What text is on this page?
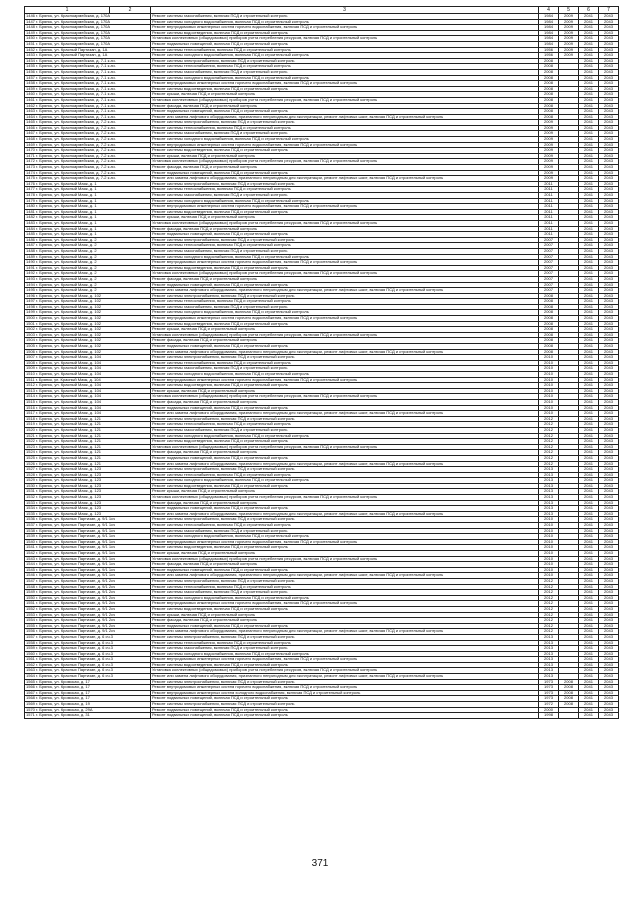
1	2	3	4	5	6	7
1446 г. Брянск, ул. Красноармейская, д. 170А		Ремонт системы газоснабжения, включая ПСД и строительный контроль	1984	2009	2041	2043
1447 г. Брянск, ул. Красноармейская, д. 170А		Ремонт системы холодного водоснабжения, включая ПСД и строительный контроль	1984	2009	2041	2043
1448 г. Брянск, ул. Красноармейская, д. 170А		Ремонт внутридомовых инженерных систем горячего водоснабжения, включая ПСД и строительный контроль	1984	2009	2041	2043
1449 г. Брянск, ул. Красноармейская, д. 170А		Ремонт системы водоотведения, включая ПСД и строительный контроль	1984	2009	2041	2043
1450 г. Брянск, ул. Красноармейская, д. 170А		Установка коллективных (общедомовых) приборов учета потребления ресурсов, включая ПСД и строительный контроль	1984	2009	2041	2043
1451 г. Брянск, ул. Красноармейская, д. 170А		Ремонт подвальных помещений, включая ПСД и строительный контроль	1984	2009	2041	2043
1452 г. Брянск, ул. Красный Партизан, д. 1А		Ремонт системы теплоснабжения, включая ПСД и строительный контроль	1956	2009	2041	2043
1453 г. Брянск, ул. Красный Партизан, д. 1А		Ремонт системы холодного водоснабжения, включая ПСД и строительный контроль	1956	2009	2041	2043
1454 г. Брянск, ул. Красноармейская, д. 7-1 к.ач.		Ремонт системы электроснабжения, включая ПСД и строительный контроль	2008		2041	2043
1455 г. Брянск, ул. Красноармейская, д. 7-1 к.ач.		Ремонт системы теплоснабжения, включая ПСД и строительный контроль	2008		2041	2043
1456 г. Брянск, ул. Красноармейская, д. 7-1 к.ач.		Ремонт системы газоснабжения, включая ПСД и строительный контроль	2008		2041	2043
1457 г. Брянск, ул. Красноармейская, д. 7-1 к.ач.		Ремонт системы холодного водоснабжения, включая ПСД и строительный контроль	2008		2041	2043
1458 г. Брянск, ул. Красноармейская, д. 7-1 к.ач.		Ремонт внутридомовых инженерных систем горячего водоснабжения, включая ПСД и строительный контроль	2008		2041	2043
1459 г. Брянск, ул. Красноармейская, д. 7-1 к.ач.		Ремонт системы водоотведения, включая ПСД и строительный контроль	2008		2041	2043
1460 г. Брянск, ул. Красноармейская, д. 7-1 к.ач.		Ремонт крыши, включая ПСД и строительный контроль	2008		2041	2043
1461 г. Брянск, ул. Красноармейская, д. 7-1 к.ач.		Установка коллективных (общедомовых) приборов учета потребления ресурсов, включая ПСД и строительный контроль	2008		2041	2043
1462 г. Брянск, ул. Красноармейская, д. 7-1 к.ач.		Ремонт фасада, включая ПСД и строительный контроль	2008		2041	2043
1463 г. Брянск, ул. Красноармейская, д. 7-1 к.ач.		Ремонт подвальных помещений, включая ПСД и строительный контроль	2008		2041	2043
1464 г. Брянск, ул. Красноармейская, д. 7-1 к.ач.		Ремонт или замена лифтового оборудования, признанного непригодным для эксплуатации, ремонт лифтовых шахт, включая ПСД и строительный контроль	2008		2041	2043
1465 г. Брянск, ул. Красноармейская, д. 7-2 к.ач.		Ремонт системы электроснабжения, включая ПСД и строительный контроль	2009		2041	2043
1466 г. Брянск, ул. Красноармейская, д. 7-2 к.ач.		Ремонт системы теплоснабжения, включая ПСД и строительный контроль	2009		2041	2043
1467 г. Брянск, ул. Красноармейская, д. 7-2 к.ач.		Ремонт системы газоснабжения, включая ПСД и строительный контроль	2009		2041	2043
1468 г. Брянск, ул. Красноармейская, д. 7-2 к.ач.		Ремонт системы холодного водоснабжения, включая ПСД и строительный контроль	2009		2041	2043
1469 г. Брянск, ул. Красноармейская, д. 7-2 к.ач.		Ремонт внутридомовых инженерных систем горячего водоснабжения, включая ПСД и строительный контроль	2009		2041	2043
1470 г. Брянск, ул. Красноармейская, д. 7-2 к.ач.		Ремонт системы водоотведения, включая ПСД и строительный контроль	2009		2041	2043
1471 г. Брянск, ул. Красноармейская, д. 7-2 к.ач.		Ремонт крыши, включая ПСД и строительный контроль	2009		2041	2043
1472 г. Брянск, ул. Красноармейская, д. 7-2 к.ач.		Установка коллективных (общедомовых) приборов учета потребления ресурсов, включая ПСД и строительный контроль	2009		2041	2043
1473 г. Брянск, ул. Красноармейская, д. 7-2 к.ач.		Ремонт фасада, включая ПСД и строительный контроль	2009		2041	2043
1474 г. Брянск, ул. Красноармейская, д. 7-2 к.ач.		Ремонт подвальных помещений, включая ПСД и строительный контроль	2009		2041	2043
1475 г. Брянск, ул. Красноармейская, д. 7-2 к.ач.		Ремонт или замена лифтового оборудования, признанного непригодным для эксплуатации, ремонт лифтовых шахт, включая ПСД и строительный контроль	2009		2041	2043
1476 г. Брянск, ул. Красный Маяк, д. 1		Ремонт системы электроснабжения, включая ПСД и строительный контроль	2011		2041	2043
1477 г. Брянск, ул. Красный Маяк, д. 1		Ремонт системы теплоснабжения, включая ПСД и строительный контроль	2011		2041	2043
1478 г. Брянск, ул. Красный Маяк, д. 1		Ремонт системы газоснабжения, включая ПСД и строительный контроль	2011		2041	2043
1479 г. Брянск, ул. Красный Маяк, д. 1		Ремонт системы холодного водоснабжения, включая ПСД и строительный контроль	2011		2041	2043
1480 г. Брянск, ул. Красный Маяк, д. 1		Ремонт внутридомовых инженерных систем горячего водоснабжения, включая ПСД и строительный контроль	2011		2041	2043
1481 г. Брянск, ул. Красный Маяк, д. 1		Ремонт системы водоотведения, включая ПСД и строительный контроль	2011		2041	2043
1482 г. Брянск, ул. Красный Маяк, д. 1		Ремонт крыши, включая ПСД и строительный контроль	2011		2041	2043
1483 г. Брянск, ул. Красный Маяк, д. 1		Установка коллективных (общедомовых) приборов учета потребления ресурсов, включая ПСД и строительный контроль	2011		2041	2043
1484 г. Брянск, ул. Красный Маяк, д. 1		Ремонт фасада, включая ПСД и строительный контроль	2011		2041	2043
1485 г. Брянск, ул. Красный Маяк, д. 1		Ремонт подвальных помещений, включая ПСД и строительный контроль	2011		2041	2043
1486 г. Брянск, ул. Красный Маяк, д. 2		Ремонт системы электроснабжения, включая ПСД и строительный контроль	2007		2041	2043
1487 г. Брянск, ул. Красный Маяк, д. 2		Ремонт системы теплоснабжения, включая ПСД и строительный контроль	2007		2041	2043
1488 г. Брянск, ул. Красный Маяк, д. 2		Ремонт системы газоснабжения, включая ПСД и строительный контроль	2007		2041	2043
1489 г. Брянск, ул. Красный Маяк, д. 2		Ремонт системы холодного водоснабжения, включая ПСД и строительный контроль	2007		2041	2043
1490 г. Брянск, ул. Красный Маяк, д. 2		Ремонт внутридомовых инженерных систем горячего водоснабжения, включая ПСД и строительный контроль	2007		2041	2043
1491 г. Брянск, ул. Красный Маяк, д. 2		Ремонт системы водоотведения, включая ПСД и строительный контроль	2007		2041	2043
1492 г. Брянск, ул. Красный Маяк, д. 2		Установка коллективных (общедомовых) приборов учета потребления ресурсов, включая ПСД и строительный контроль	2007		2041	2043
1493 г. Брянск, ул. Красный Маяк, д. 2		Ремонт фасада, включая ПСД и строительный контроль	2007		2041	2043
1494 г. Брянск, ул. Красный Маяк, д. 2		Ремонт подвальных помещений, включая ПСД и строительный контроль	2007		2041	2043
1495 г. Брянск, ул. Красный Маяк, д. 2		Ремонт или замена лифтового оборудования, признанного непригодным для эксплуатации, ремонт лифтовых шахт, включая ПСД и строительный контроль	2007		2041	2043
1496 г. Брянск, ул. Красный Маяк, д. 102		Ремонт системы электроснабжения, включая ПСД и строительный контроль	2008		2041	2043
1497 г. Брянск, ул. Красный Маяк, д. 102		Ремонт системы теплоснабжения, включая ПСД и строительный контроль	2008		2041	2043
1498 г. Брянск, ул. Красный Маяк, д. 102		Ремонт системы газоснабжения, включая ПСД и строительный контроль	2008		2041	2043
1499 г. Брянск, ул. Красный Маяк, д. 102		Ремонт системы холодного водоснабжения, включая ПСД и строительный контроль	2008		2041	2043
1500 г. Брянск, ул. Красный Маяк, д. 102		Ремонт внутридомовых инженерных систем горячего водоснабжения, включая ПСД и строительный контроль	2008		2041	2043
1501 г. Брянск, ул. Красный Маяк, д. 102		Ремонт системы водоотведения, включая ПСД и строительный контроль	2008		2041	2043
1502 г. Брянск, ул. Красный Маяк, д. 102		Ремонт крыши, включая ПСД и строительный контроль	2008		2041	2043
1503 г. Брянск, ул. Красный Маяк, д. 102		Установка коллективных (общедомовых) приборов учета потребления ресурсов, включая ПСД и строительный контроль	2008		2041	2043
1504 г. Брянск, ул. Красный Маяк, д. 102		Ремонт фасада, включая ПСД и строительный контроль	2008		2041	2043
1505 г. Брянск, ул. Красный Маяк, д. 102		Ремонт подвальных помещений, включая ПСД и строительный контроль	2008		2041	2043
1506 г. Брянск, ул. Красный Маяк, д. 102		Ремонт или замена лифтового оборудования, признанного непригодным для эксплуатации, ремонт лифтовых шахт, включая ПСД и строительный контроль	2008		2041	2043
1507 г. Брянск, ул. Красный Маяк, д. 104		Ремонт системы электроснабжения, включая ПСД и строительный контроль	2010		2041	2043
1508 г. Брянск, ул. Красный Маяк, д. 104		Ремонт системы теплоснабжения, включая ПСД и строительный контроль	2010		2041	2043
1509 г. Брянск, ул. Красный Маяк, д. 104		Ремонт системы газоснабжения, включая ПСД и строительный контроль	2010		2041	2043
1510 г. Брянск, ул. Красный Маяк, д. 104		Ремонт системы холодного водоснабжения, включая ПСД и строительный контроль	2010		2041	2043
1511 г. Брянск, ул. Красный Маяк, д. 104		Ремонт внутридомовых инженерных систем горячего водоснабжения, включая ПСД и строительный контроль	2010		2041	2043
1512 г. Брянск, ул. Красный Маяк, д. 104		Ремонт системы водоотведения, включая ПСД и строительный контроль	2010		2041	2043
1513 г. Брянск, ул. Красный Маяк, д. 104		Ремонт крыши, включая ПСД и строительный контроль	2010		2041	2043
1514 г. Брянск, ул. Красный Маяк, д. 104		Установка коллективных (общедомовых) приборов учета потребления ресурсов, включая ПСД и строительный контроль	2010		2041	2043
1515 г. Брянск, ул. Красный Маяк, д. 104		Ремонт фасада, включая ПСД и строительный контроль	2010		2041	2043
1516 г. Брянск, ул. Красный Маяк, д. 104		Ремонт подвальных помещений, включая ПСД и строительный контроль	2010		2041	2043
1517 г. Брянск, ул. Красный Маяк, д. 104		Ремонт или замена лифтового оборудования, признанного непригодным для эксплуатации, ремонт лифтовых шахт, включая ПСД и строительный контроль	2010		2041	2043
1518 г. Брянск, ул. Красный Маяк, д. 121		Ремонт системы электроснабжения, включая ПСД и строительный контроль	2012		2041	2043
1519 г. Брянск, ул. Красный Маяк, д. 121		Ремонт системы теплоснабжения, включая ПСД и строительный контроль	2012		2041	2043
1520 г. Брянск, ул. Красный Маяк, д. 121		Ремонт системы газоснабжения, включая ПСД и строительный контроль	2012		2041	2043
1521 г. Брянск, ул. Красный Маяк, д. 121		Ремонт системы холодного водоснабжения, включая ПСД и строительный контроль	2012		2041	2043
1522 г. Брянск, ул. Красный Маяк, д. 121		Ремонт системы водоотведения, включая ПСД и строительный контроль	2012		2041	2043
1523 г. Брянск, ул. Красный Маяк, д. 121		Установка коллективных (общедомовых) приборов учета потребления ресурсов, включая ПСД и строительный контроль	2012		2041	2043
1524 г. Брянск, ул. Красный Маяк, д. 121		Ремонт фасада, включая ПСД и строительный контроль	2012		2041	2043
1525 г. Брянск, ул. Красный Маяк, д. 121		Ремонт подвальных помещений, включая ПСД и строительный контроль	2012		2041	2043
1526 г. Брянск, ул. Красный Маяк, д. 121		Ремонт или замена лифтового оборудования, признанного непригодным для эксплуатации, ремонт лифтовых шахт, включая ПСД и строительный контроль	2012		2041	2043
1527 г. Брянск, ул. Красный Маяк, д. 123		Ремонт системы электроснабжения, включая ПСД и строительный контроль	2013		2041	2043
1528 г. Брянск, ул. Красный Маяк, д. 123		Ремонт системы теплоснабжения, включая ПСД и строительный контроль	2013		2041	2043
1529 г. Брянск, ул. Красный Маяк, д. 123		Ремонт системы холодного водоснабжения, включая ПСД и строительный контроль	2013		2041	2043
1530 г. Брянск, ул. Красный Маяк, д. 123		Ремонт системы водоотведения, включая ПСД и строительный контроль	2013		2041	2043
1531 г. Брянск, ул. Красный Маяк, д. 123		Ремонт крыши, включая ПСД и строительный контроль	2013		2041	2043
1532 г. Брянск, ул. Красный Маяк, д. 123		Установка коллективных (общедомовых) приборов учета потребления ресурсов, включая ПСД и строительный контроль	2013		2041	2043
1533 г. Брянск, ул. Красный Маяк, д. 123		Ремонт фасада, включая ПСД и строительный контроль	2013		2041	2043
1534 г. Брянск, ул. Красный Маяк, д. 123		Ремонт подвальных помещений, включая ПСД и строительный контроль	2013		2041	2043
1535 г. Брянск, ул. Красный Маяк, д. 123		Ремонт или замена лифтового оборудования, признанного непригодным для эксплуатации, ремонт лифтовых шахт, включая ПСД и строительный контроль	2013		2041	2043
1536 г. Брянск, ул. Красных Партизан, д. 9/1 1сч		Ремонт системы электроснабжения, включая ПСД и строительный контроль	2010		2041	2043
1537 г. Брянск, ул. Красных Партизан, д. 9/1 1сч		Ремонт системы теплоснабжения, включая ПСД и строительный контроль	2010		2041	2043
1538 г. Брянск, ул. Красных Партизан, д. 9/1 1сч		Ремонт системы газоснабжения, включая ПСД и строительный контроль	2010		2041	2043
1539 г. Брянск, ул. Красных Партизан, д. 9/1 1сч		Ремонт системы холодного водоснабжения, включая ПСД и строительный контроль	2010		2041	2043
1540 г. Брянск, ул. Красных Партизан, д. 9/1 1сч		Ремонт внутридомовых инженерных систем горячего водоснабжения, включая ПСД и строительный контроль	2010		2041	2043
1541 г. Брянск, ул. Красных Партизан, д. 9/1 1сч		Ремонт системы водоотведения, включая ПСД и строительный контроль	2010		2041	2043
1542 г. Брянск, ул. Красных Партизан, д. 9/1 1сч		Ремонт крыши, включая ПСД и строительный контроль	2010		2041	2043
1543 г. Брянск, ул. Красных Партизан, д. 9/1 1сч		Установка коллективных (общедомовых) приборов учета потребления ресурсов, включая ПСД и строительный контроль	2010		2041	2043
1544 г. Брянск, ул. Красных Партизан, д. 9/1 1сч		Ремонт фасада, включая ПСД и строительный контроль	2010		2041	2043
1545 г. Брянск, ул. Красных Партизан, д. 9/1 1сч		Ремонт подвальных помещений, включая ПСД и строительный контроль	2010		2041	2043
1546 г. Брянск, ул. Красных Партизан, д. 9/1 1сч		Ремонт или замена лифтового оборудования, признанного непригодным для эксплуатации, ремонт лифтовых шахт, включая ПСД и строительный контроль	2010		2041	2043
1547 г. Брянск, ул. Красных Партизан, д. 9/1 2сч		Ремонт системы электроснабжения, включая ПСД и строительный контроль	2012		2041	2043
1548 г. Брянск, ул. Красных Партизан, д. 9/1 2сч		Ремонт системы теплоснабжения, включая ПСД и строительный контроль	2012		2041	2043
1549 г. Брянск, ул. Красных Партизан, д. 9/1 2сч		Ремонт системы газоснабжения, включая ПСД и строительный контроль	2012		2041	2043
1550 г. Брянск, ул. Красных Партизан, д. 9/1 2сч		Ремонт системы холодного водоснабжения, включая ПСД и строительный контроль	2012		2041	2043
1551 г. Брянск, ул. Красных Партизан, д. 9/1 2сч		Ремонт внутридомовых инженерных систем горячего водоснабжения, включая ПСД и строительный контроль	2012		2041	2043
1552 г. Брянск, ул. Красных Партизан, д. 9/1 2сч		Ремонт системы водоотведения, включая ПСД и строительный контроль	2012		2041	2043
1553 г. Брянск, ул. Красных Партизан, д. 9/1 2сч		Ремонт крыши, включая ПСД и строительный контроль	2012		2041	2043
1554 г. Брянск, ул. Красных Партизан, д. 9/1 2сч		Ремонт фасада, включая ПСД и строительный контроль	2012		2041	2043
1555 г. Брянск, ул. Красных Партизан, д. 9/1 2сч		Ремонт подвальных помещений, включая ПСД и строительный контроль	2012		2041	2043
1556 г. Брянск, ул. Красных Партизан, д. 9/1 2сч		Ремонт или замена лифтового оборудования, признанного непригодным для эксплуатации, ремонт лифтовых шахт, включая ПСД и строительный контроль	2012		2041	2043
1557 г. Брянск, ул. Красных Партизан, д. 6 сч.3		Ремонт системы электроснабжения, включая ПСД и строительный контроль	2013		2041	2043
1558 г. Брянск, ул. Красных Партизан, д. 6 сч.3		Ремонт системы теплоснабжения, включая ПСД и строительный контроль	2013		2041	2043
1559 г. Брянск, ул. Красных Партизан, д. 6 сч.3		Ремонт системы газоснабжения, включая ПСД и строительный контроль	2013		2041	2043
1560 г. Брянск, ул. Красных Партизан, д. 6 сч.3		Ремонт системы холодного водоснабжения, включая ПСД и строительный контроль	2013		2041	2043
1561 г. Брянск, ул. Красных Партизан, д. 6 сч.3		Ремонт внутридомовых инженерных систем горячего водоснабжения, включая ПСД и строительный контроль	2013		2041	2043
1562 г. Брянск, ул. Красных Партизан, д. 6 сч.3		Ремонт системы водоотведения, включая ПСД и строительный контроль	2013		2041	2043
1563 г. Брянск, ул. Красных Партизан, д. 6 сч.3		Установка коллективных (общедомовых) приборов учета потребления ресурсов, включая ПСД и строительный контроль	2013		2041	2043
1564 г. Брянск, ул. Красных Партизан, д. 6 сч.3		Ремонт или замена лифтового оборудования, признанного непригодным для эксплуатации, ремонт лифтовых шахт, включая ПСД и строительный контроль	2013		2041	2043
1565 г. Брянск, ул. Кромская, д. 17		Ремонт системы электроснабжения, включая ПСД и строительный контроль	1973	2008	2041	2043
1566 г. Брянск, ул. Кромская, д. 17		Ремонт внутридомовых инженерных систем горячего водоснабжения, включая ПСД и строительный контроль	1973	2008	2041	2043
1567 г. Брянск, ул. Кромская, д. 17		Ремонт внутридомовых инженерных систем холодного водоснабжения, включая ПСД и строительный контроль	1973	2008	2041	2043
1568 г. Брянск, ул. Кромская, д. 17		Ремонт подвальных помещений, включая ПСД и строительный контроль	1973	2008	2041	2043
1569 г. Брянск, ул. Кромская, д. 19		Ремонт системы электроснабжения, включая ПСД и строительный контроль	1972	2008	2041	2043
1570 г. Брянск, ул. Кромская, д. 29А		Ремонт подвальных помещений, включая ПСД и строительный контроль	2000		2041	2043
1571 г. Брянск, ул. Кромская, д. 31		Ремонт подвальных помещений, включая ПСД и строительный контроль	1998		2041	2043
371
